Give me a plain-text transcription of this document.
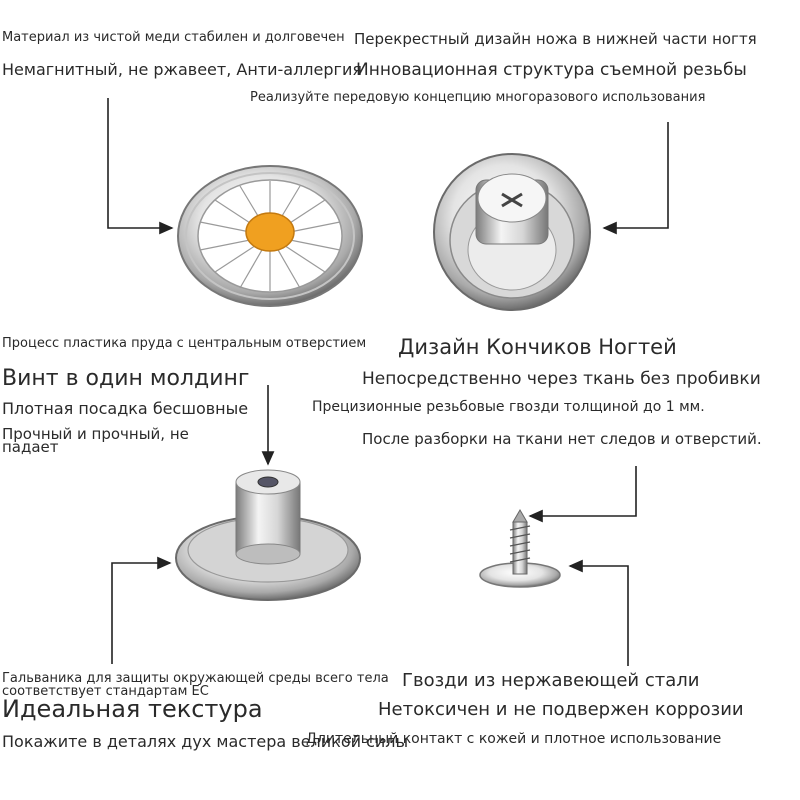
Материал из чистой меди стабилен и долговечен
Немагнитный, не ржавеет, Анти-аллергия
Перекрестный дизайн ножа в нижней части ногтя
Инновационная структура съемной резьбы
Реализуйте передовую концепцию многоразового использования
Процесс пластика пруда с центральным отверстием
Винт в один молдинг
Плотная посадка бесшовные
Прочный и прочный, не падает
Дизайн Кончиков Ногтей
Непосредственно через ткань без пробивки
Прецизионные резьбовые гвозди толщиной до 1 мм.
После разборки на ткани нет следов и отверстий.
Гальваника для защиты окружающей среды всего тела соответствует стандартам ЕС
Идеальная текстура
Покажите в деталях дух мастера великой силы
Гвозди из нержавеющей стали
Нетоксичен и не подвержен коррозии
Длительный контакт с кожей и плотное использование
